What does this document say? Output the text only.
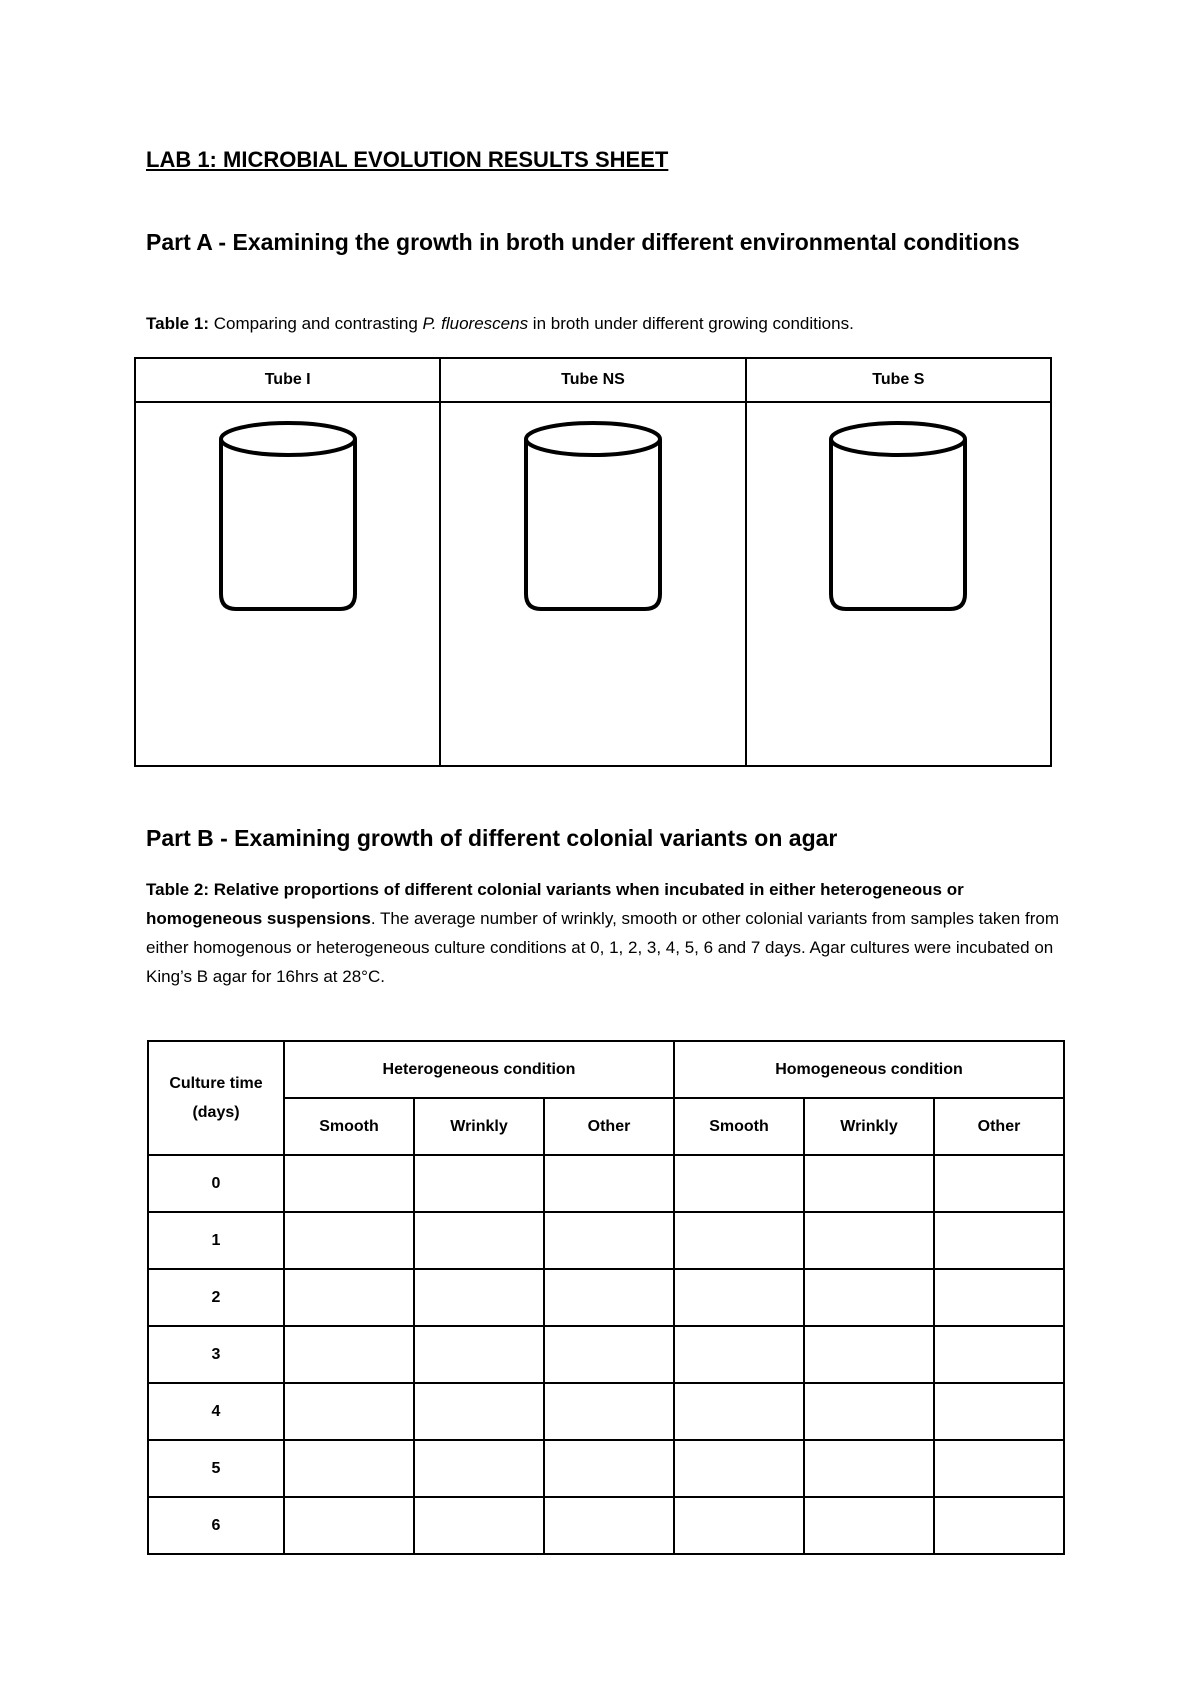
LAB 1: MICROBIAL EVOLUTION RESULTS SHEET
Part A - Examining the growth in broth under different environmental conditions
Table 1: Comparing and contrasting P. fluorescens in broth under different growing conditions.
Tube I	Tube NS	Tube S

Part B - Examining growth of different colonial variants on agar
Table 2: Relative proportions of different colonial variants when incubated in either heterogeneous or homogeneous suspensions. The average number of wrinkly, smooth or other colonial variants from samples taken from either homogenous or heterogeneous culture conditions at 0, 1, 2, 3, 4, 5, 6 and 7 days. Agar cultures were incubated on King’s B agar for 16hrs at 28°C.
Culture time (days)	Heterogeneous condition			Homogeneous condition		
	Smooth	Wrinkly	Other	Smooth	Wrinkly	Other
0						
1						
2						
3						
4						
5						
6						
